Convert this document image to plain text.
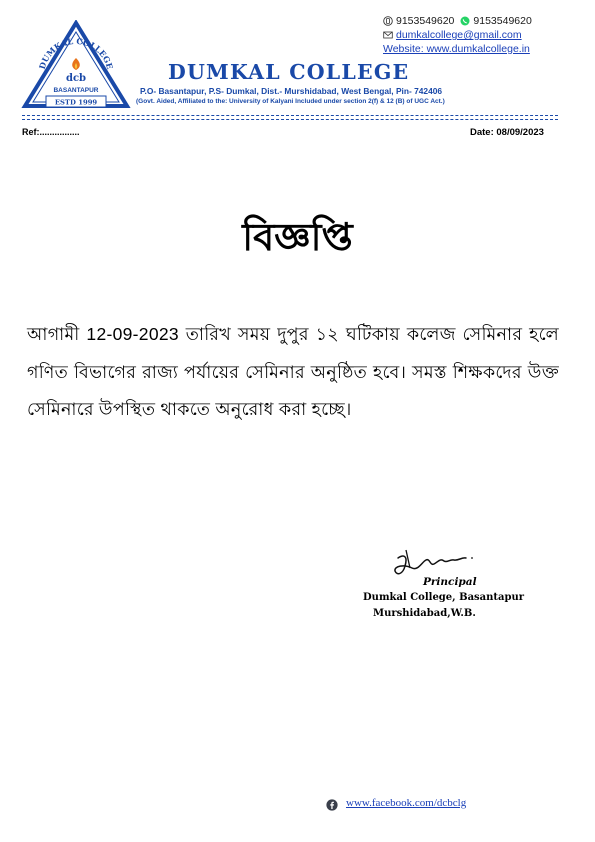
DUMKAL COLLEGE
dcb
BASANTAPUR
ESTD 1999
9153549620 9153549620
dumkalcollege@gmail.com
Website: www.dumkalcollege.in
DUMKAL COLLEGE
P.O- Basantapur, P.S- Dumkal, Dist.- Murshidabad, West Bengal, Pin- 742406
(Govt. Aided, Affiliated to the: University of Kalyani Included under section 2(f) & 12 (B) of UGC Act.)
Ref:................	Date: 08/09/2023
বিজ্ঞপ্তি
আগামী 12-09-2023 তারিখ সময় দুপুর ১২ ঘটিকায় কলেজ সেমিনার হলে গণিত বিভাগের রাজ্য পর্যায়ের সেমিনার অনুষ্ঠিত হবে। সমস্ত শিক্ষকদের উক্ত সেমিনারে উপস্থিত থাকতে অনুরোধ করা হচ্ছে।
Principal
Dumkal College, Basantapur
Murshidabad,W.B.
www.facebook.com/dcbclg
